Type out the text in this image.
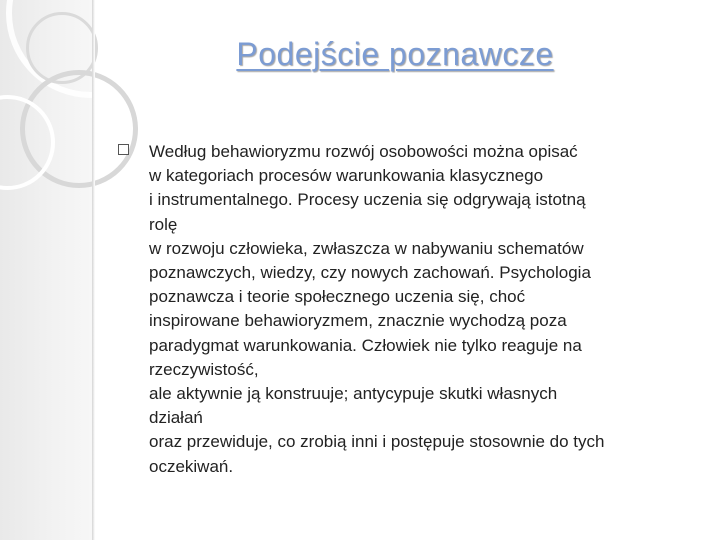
Podejście poznawcze
Według behawioryzmu rozwój osobowości można opisać
w kategoriach procesów warunkowania klasycznego
i instrumentalnego. Procesy uczenia się odgrywają istotną
rolę
w rozwoju człowieka, zwłaszcza w nabywaniu schematów
poznawczych, wiedzy, czy nowych zachowań. Psychologia
poznawcza i teorie społecznego uczenia się, choć
inspirowane behawioryzmem, znacznie wychodzą poza
paradygmat warunkowania. Człowiek nie tylko reaguje na
rzeczywistość,
ale aktywnie ją konstruuje; antycypuje skutki własnych
działań
oraz przewiduje, co zrobią inni i postępuje stosownie do tych
oczekiwań.
